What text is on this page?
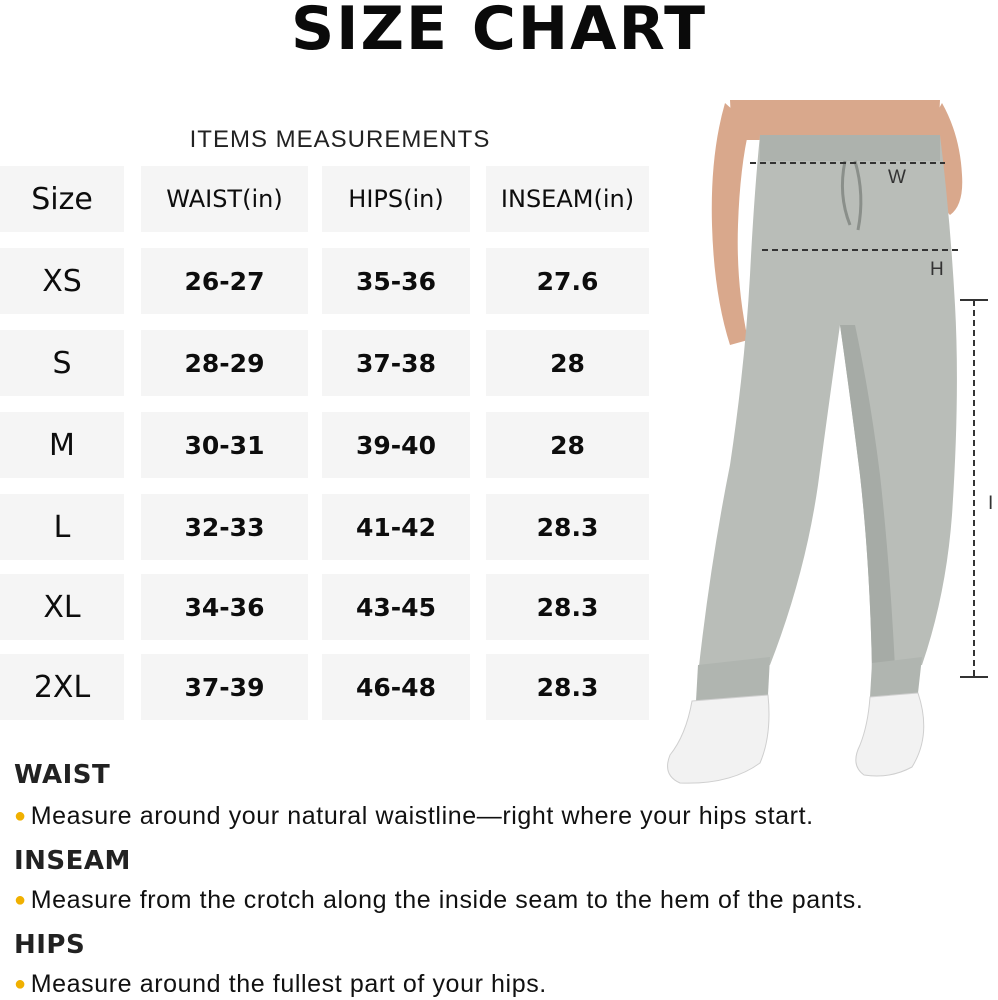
SIZE CHART
ITEMS MEASUREMENTS
Size	WAIST(in)	HIPS(in)	INSEAM(in)
XS	26-27	35-36	27.6
S	28-29	37-38	28
M	30-31	39-40	28
L	32-33	41-42	28.3
XL	34-36	43-45	28.3
2XL	37-39	46-48	28.3
W
H
I
WAIST
● Measure around your natural waistline—right where your hips start.
INSEAM
● Measure from the crotch along the inside seam to the hem of the pants.
HIPS
● Measure around the fullest part of your hips.
